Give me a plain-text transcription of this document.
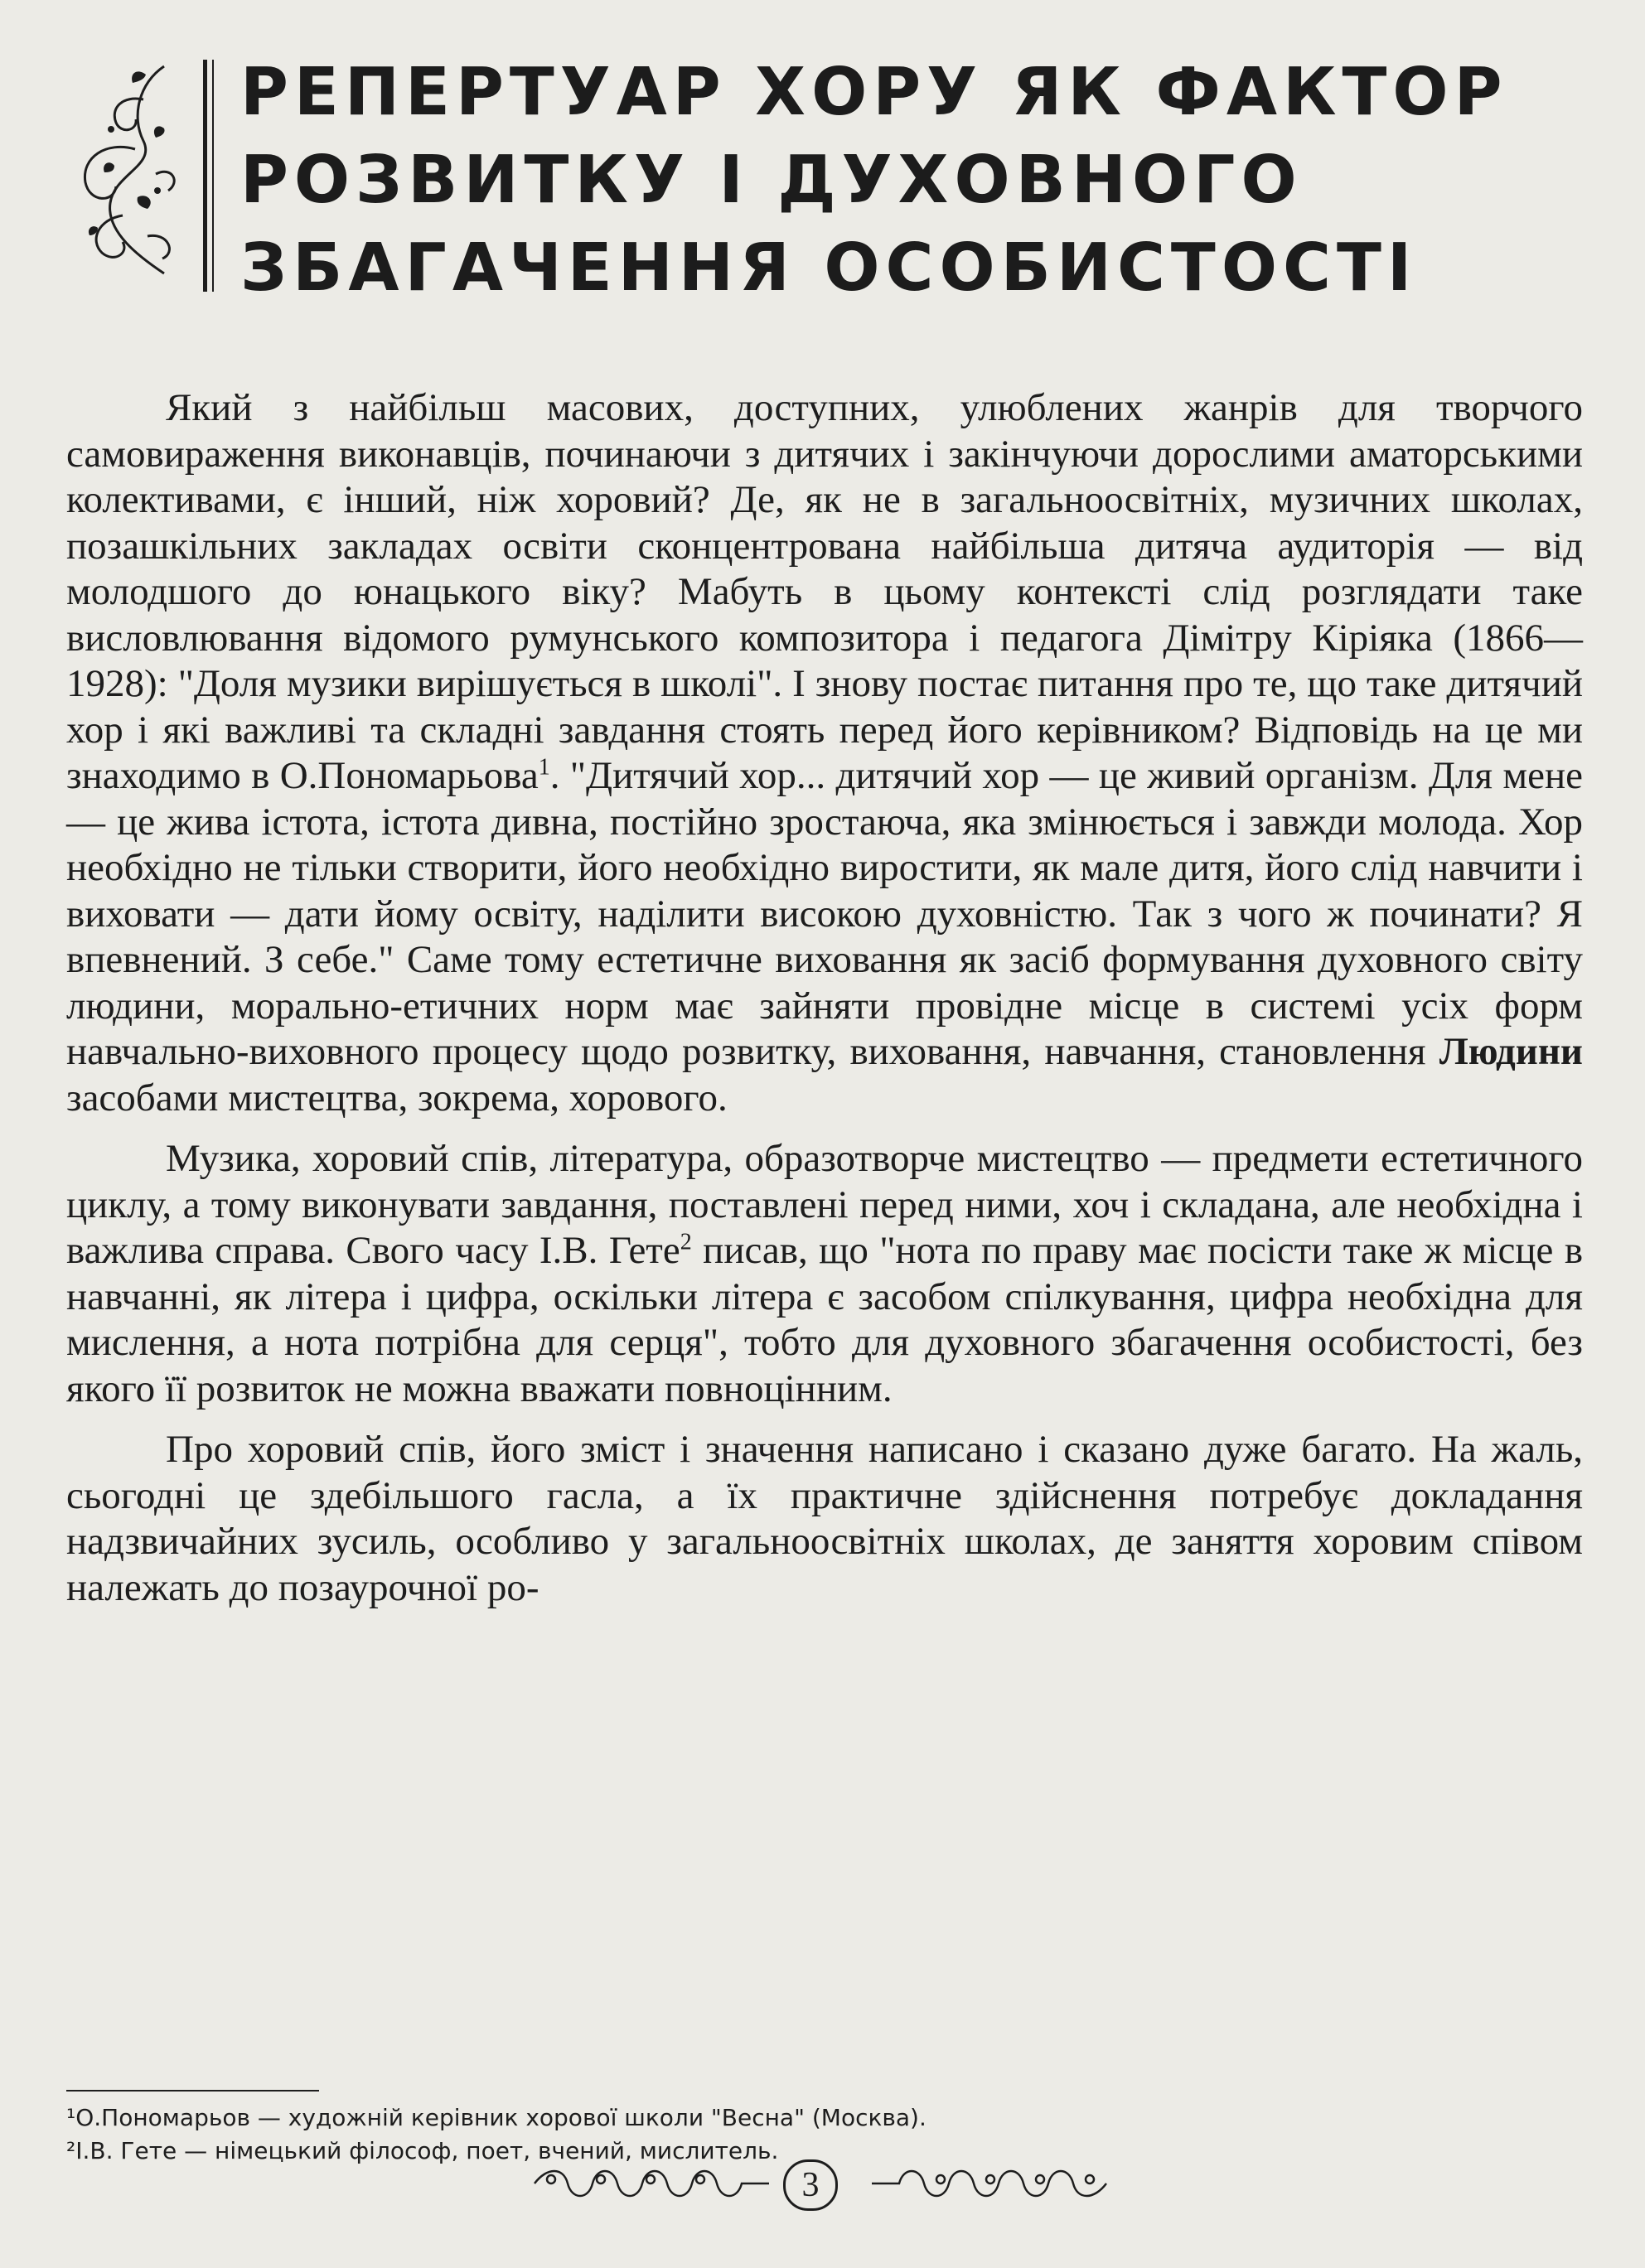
РЕПЕРТУАР ХОРУ ЯК ФАКТОР
РОЗВИТКУ І ДУХОВНОГО
ЗБАГАЧЕННЯ ОСОБИСТОСТІ

Який з найбільш масових, доступних, улюблених жанрів для творчого самовираження виконавців, починаючи з дитячих і закінчуючи дорослими аматорськими колективами, є інший, ніж хоровий? Де, як не в загальноосвітніх, музичних школах, позашкільних закладах освіти сконцентрована найбільша дитяча аудиторія — від молодшого до юнацького віку? Мабуть в цьому контексті слід розглядати таке висловлювання відомого румунського композитора і педагога Дімітру Кіріяка (1866—1928): "Доля музики вирішується в школі". І знову постає питання про те, що таке дитячий хор і які важливі та складні завдання стоять перед його керівником? Відповідь на це ми знаходимо в О.Пономарьова$^1$. "Дитячий хор... дитячий хор — це живий організм. Для мене — це жива істота, істота дивна, постійно зростаюча, яка змінюється і завжди молода. Хор необхідно не тільки створити, його необхідно виростити, як мале дитя, його слід навчити і виховати — дати йому освіту, наділити високою духовністю. Так з чого ж починати? Я впевнений. З себе." Саме тому естетичне виховання як засіб формування духовного світу людини, морально-етичних норм має зайняти провідне місце в системі усіх форм навчально-виховного процесу щодо розвитку, виховання, навчання, становлення Людини засобами мистецтва, зокрема, хорового.

Музика, хоровий спів, література, образотворче мистецтво — предмети естетичного циклу, а тому виконувати завдання, поставлені перед ними, хоч і складана, але необхідна і важлива справа. Свого часу І.В. Гете$^2$ писав, що "нота по праву має посісти таке ж місце в навчанні, як літера і цифра, оскільки літера є засобом спілкування, цифра необхідна для мислення, а нота потрібна для серця", тобто для духовного збагачення особистості, без якого її розвиток не можна вважати повноцінним.

Про хоровий спів, його зміст і значення написано і сказано дуже багато. На жаль, сьогодні це здебільшого гасла, а їх практичне здійснення потребує докладання надзвичайних зусиль, особливо у загальноосвітніх школах, де заняття хоровим співом належать до позаурочної ро-

¹О.Пономарьов — художній керівник хорової школи "Весна" (Москва).
²І.В. Гете — німецький філософ, поет, вчений, мислитель.
3
